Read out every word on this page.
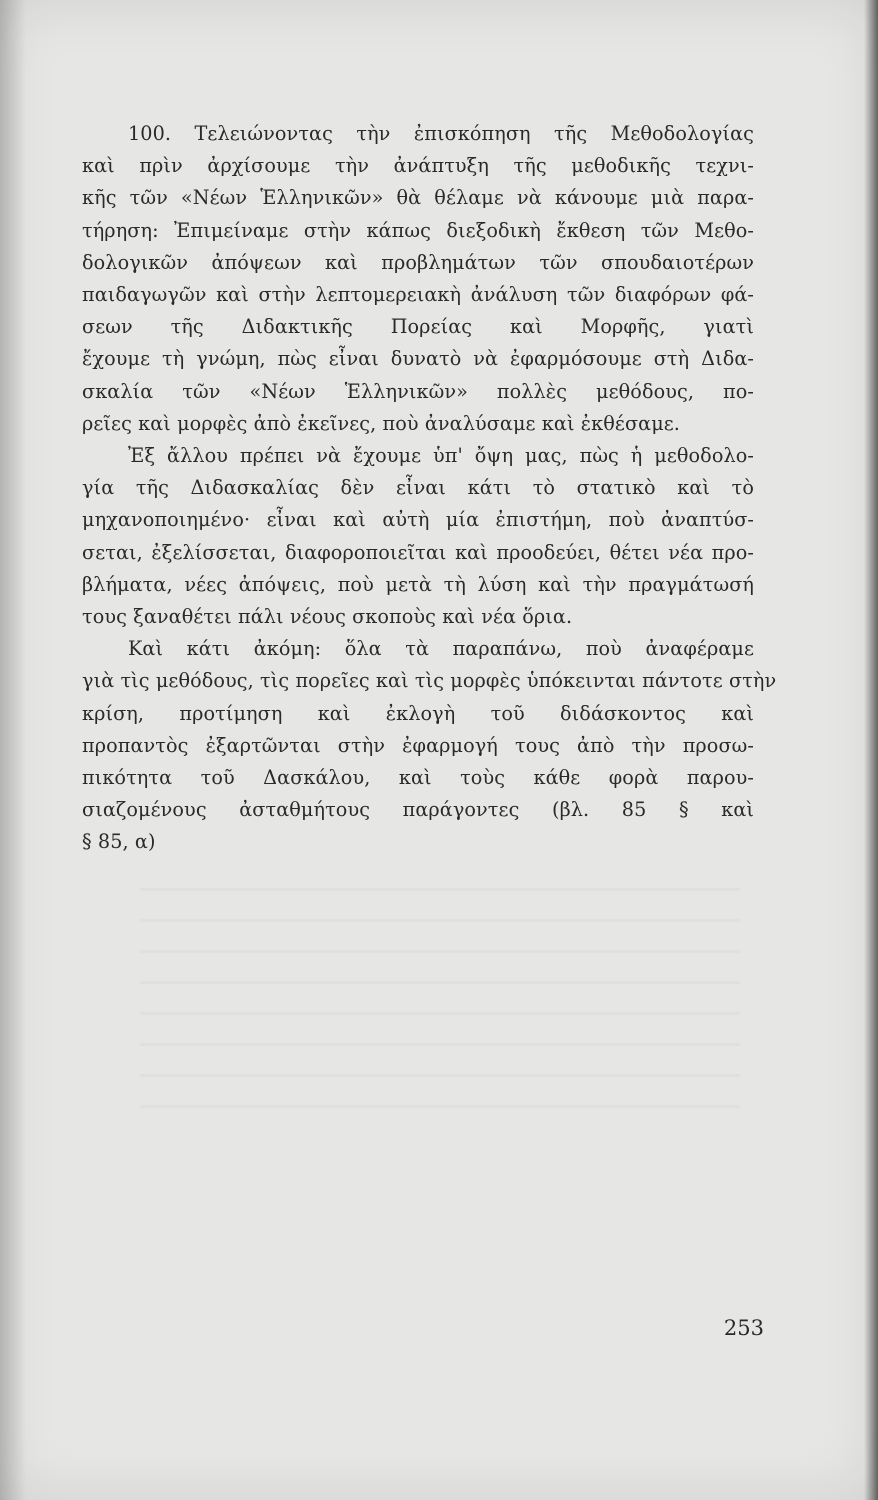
100. Τελειώνοντας τὴν ἐπισκόπηση τῆς Μεθοδολογίας
καὶ πρὶν ἀρχίσουμε τὴν ἀνάπτυξη τῆς μεθοδικῆς τεχνι-
κῆς τῶν «Νέων Ἑλληνικῶν» θὰ θέλαμε νὰ κάνουμε μιὰ παρα-
τήρηση: Ἐπιμείναμε στὴν κάπως διεξοδικὴ ἔκθεση τῶν Μεθο-
δολογικῶν ἀπόψεων καὶ προβλημάτων τῶν σπουδαιοτέρων
παιδαγωγῶν καὶ στὴν λεπτομερειακὴ ἀνάλυση τῶν διαφόρων φά-
σεων τῆς Διδακτικῆς Πορείας καὶ Μορφῆς, γιατὶ
ἔχουμε τὴ γνώμη, πὼς εἶναι δυνατὸ νὰ ἐφαρμόσουμε στὴ Διδα-
σκαλία τῶν «Νέων Ἑλληνικῶν» πολλὲς μεθόδους, πο-
ρεῖες καὶ μορφὲς ἀπὸ ἐκεῖνες, ποὺ ἀναλύσαμε καὶ ἐκθέσαμε.
Ἐξ ἄλλου πρέπει νὰ ἔχουμε ὑπ' ὄψη μας, πὼς ἡ μεθοδολο-
γία τῆς Διδασκαλίας δὲν εἶναι κάτι τὸ στατικὸ καὶ τὸ
μηχανοποιημένο· εἶναι καὶ αὐτὴ μία ἐπιστήμη, ποὺ ἀναπτύσ-
σεται, ἐξελίσσεται, διαφοροποιεῖται καὶ προοδεύει, θέτει νέα προ-
βλήματα, νέες ἀπόψεις, ποὺ μετὰ τὴ λύση καὶ τὴν πραγμάτωσή
τους ξαναθέτει πάλι νέους σκοποὺς καὶ νέα ὅρια.
Καὶ κάτι ἀκόμη: ὅλα τὰ παραπάνω, ποὺ ἀναφέραμε
γιὰ τὶς μεθόδους, τὶς πορεῖες καὶ τὶς μορφὲς ὑπόκεινται πάντοτε στὴν
κρίση, προτίμηση καὶ ἐκλογὴ τοῦ διδάσκοντος καὶ
προπαντὸς ἐξαρτῶνται στὴν ἐφαρμογή τους ἀπὸ τὴν προσω-
πικότητα τοῦ Δασκάλου, καὶ τοὺς κάθε φορὰ παρου-
σιαζομένους ἀσταθμήτους παράγοντες (βλ. 85 § καὶ
§ 85, α)
253
